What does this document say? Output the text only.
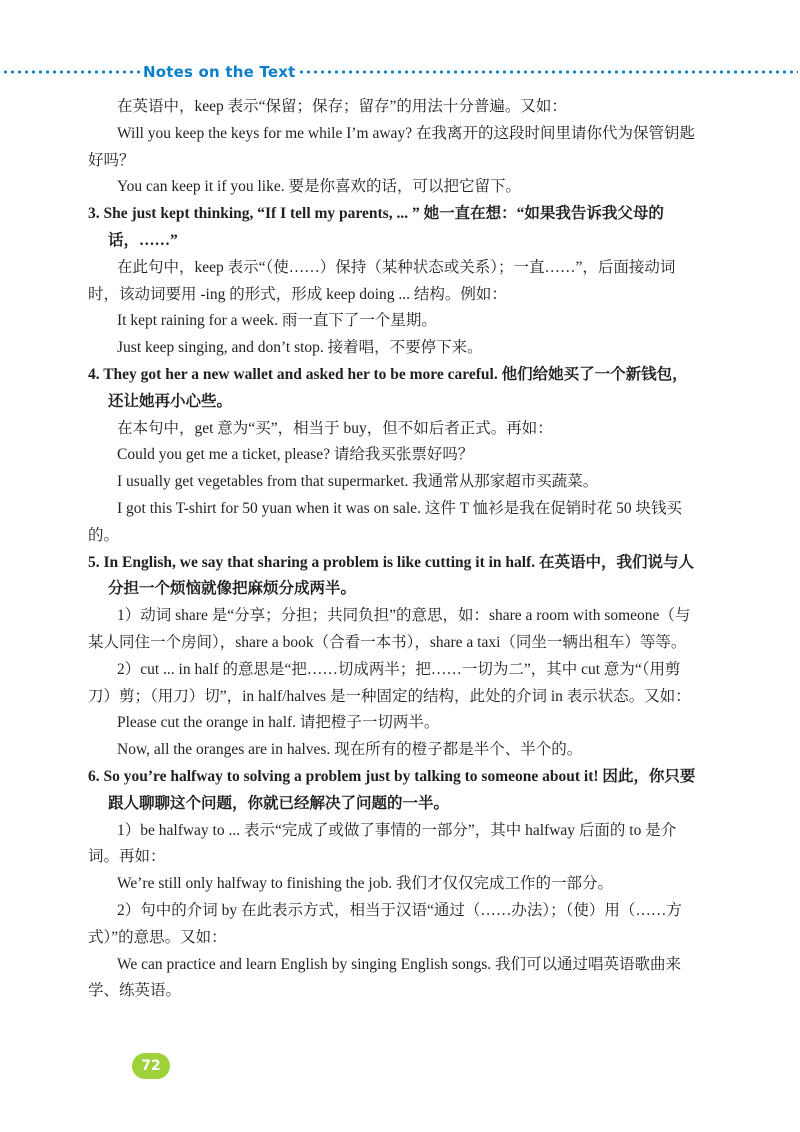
Notes on the Text

在英语中，keep 表示“保留；保存；留存”的用法十分普遍。又如：

Will you keep the keys for me while I’m away? 在我离开的这段时间里请你代为保管钥匙好吗？

You can keep it if you like. 要是你喜欢的话，可以把它留下。

3. She just kept thinking, “If I tell my parents, ... ” 她一直在想：“如果我告诉我父母的话，……”

在此句中，keep 表示“（使……）保持（某种状态或关系）；一直……”，后面接动词时，该动词要用 -ing 的形式，形成 keep doing ... 结构。例如：

It kept raining for a week. 雨一直下了一个星期。

Just keep singing, and don’t stop. 接着唱，不要停下来。

4. They got her a new wallet and asked her to be more careful. 他们给她买了一个新钱包，还让她再小心些。

在本句中，get 意为“买”，相当于 buy，但不如后者正式。再如：

Could you get me a ticket, please? 请给我买张票好吗？

I usually get vegetables from that supermarket. 我通常从那家超市买蔬菜。

I got this T-shirt for 50 yuan when it was on sale. 这件 T 恤衫是我在促销时花 50 块钱买的。

5. In English, we say that sharing a problem is like cutting it in half. 在英语中，我们说与人分担一个烦恼就像把麻烦分成两半。

1）动词 share 是“分享；分担；共同负担”的意思，如：share a room with someone（与某人同住一个房间），share a book（合看一本书），share a taxi（同坐一辆出租车）等等。

2）cut ... in half 的意思是“把……切成两半；把……一切为二”，其中 cut 意为“（用剪刀）剪；（用刀）切”，in half/halves 是一种固定的结构，此处的介词 in 表示状态。又如：

Please cut the orange in half. 请把橙子一切两半。

Now, all the oranges are in halves. 现在所有的橙子都是半个、半个的。

6. So you’re halfway to solving a problem just by talking to someone about it! 因此，你只要跟人聊聊这个问题，你就已经解决了问题的一半。

1）be halfway to ... 表示“完成了或做了事情的一部分”，其中 halfway 后面的 to 是介词。再如：

We’re still only halfway to finishing the job. 我们才仅仅完成工作的一部分。

2）句中的介词 by 在此表示方式，相当于汉语“通过（……办法）；（使）用（……方式）”的意思。又如：

We can practice and learn English by singing English songs. 我们可以通过唱英语歌曲来学、练英语。

72
